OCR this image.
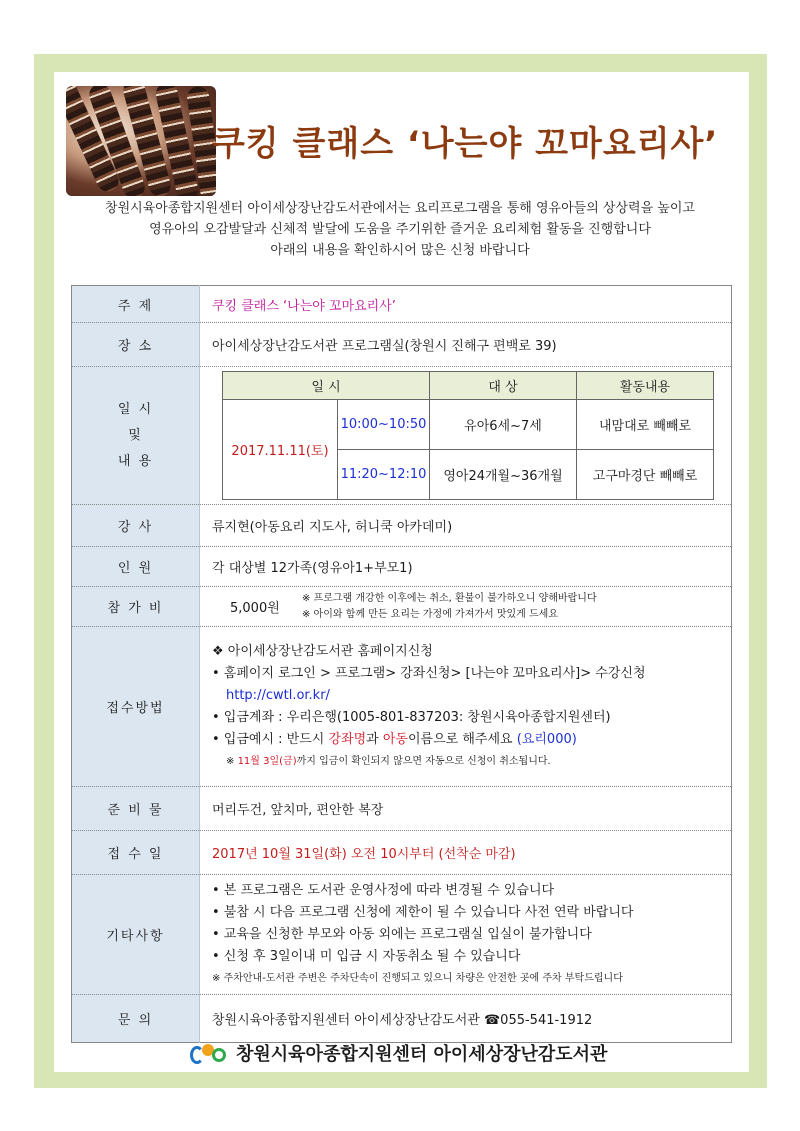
쿠킹 클래스 ‘나는야 꼬마요리사’
창원시육아종합지원센터 아이세상장난감도서관에서는 요리프로그램을 통해 영유아들의 상상력을 높이고
영유아의 오감발달과 신체적 발달에 도움을 주기위한 즐거운 요리체험 활동을 진행합니다
아래의 내용을 확인하시어 많은 신청 바랍니다
주 제	쿠킹 클래스 ‘나는야 꼬마요리사’
장 소	아이세상장난감도서관 프로그램실(창원시 진해구 편백로 39)

일 시
및
내 용

일 시	대 상	활동내용
2017.11.11(토)	10:00~10:50	유아6세~7세	내맘대로 빼빼로
11:20~12:10	영아24개월~36개월	고구마경단 빼빼로

강 사	류지현(아동요리 지도사, 허니쿡 아카데미)
인 원	각 대상별 12가족(영유아1+부모1)
참 가 비	5,000원
※ 프로그램 개강한 이후에는 취소, 환불이 불가하오니 양해바랍니다
※ 아이와 함께 만든 요리는 가정에 가져가서 맛있게 드세요

접수방법	
❖ 아이세상장난감도서관 홈페이지신청
• 홈페이지 로그인 > 프로그램> 강좌신청> [나는야 꼬마요리사]> 수강신청
http://cwtl.or.kr/
• 입금계좌 : 우리은행(1005-801-837203: 창원시육아종합지원센터)
• 입금예시 : 반드시 강좌명과 아동이름으로 해주세요 (요리000)
※ 11월 3일(금)까지 입금이 확인되지 않으면 자동으로 신청이 취소됩니다.

준 비 물	머리두건, 앞치마, 편안한 복장
접 수 일	2017년 10월 31일(화) 오전 10시부터 (선착순 마감)
기타사항	
• 본 프로그램은 도서관 운영사정에 따라 변경될 수 있습니다
• 불참 시 다음 프로그램 신청에 제한이 될 수 있습니다 사전 연락 바랍니다
• 교육을 신청한 부모와 아동 외에는 프로그램실 입실이 불가합니다
• 신청 후 3일이내 미 입금 시 자동취소 될 수 있습니다
※ 주차안내-도서관 주변은 주차단속이 진행되고 있으니 차량은 안전한 곳에 주차 부탁드립니다

문 의	창원시육아종합지원센터 아이세상장난감도서관 ☎055-541-1912
창원시육아종합지원센터 아이세상장난감도서관
